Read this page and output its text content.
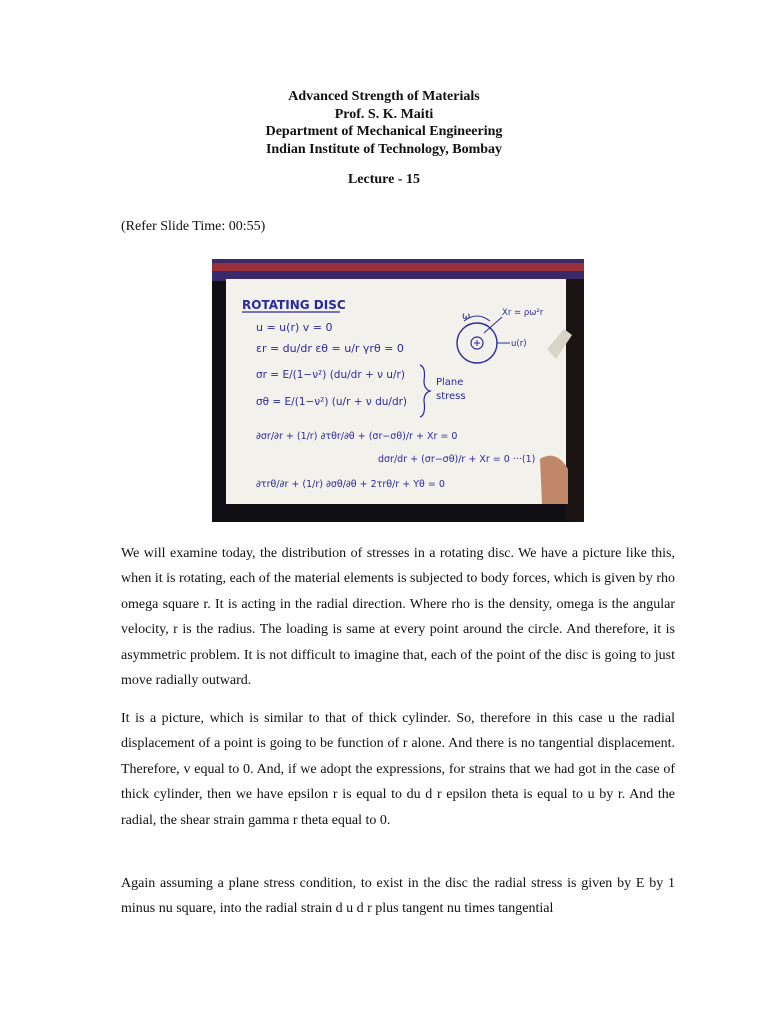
Advanced Strength of Materials
Prof. S. K. Maiti
Department of Mechanical Engineering
Indian Institute of Technology, Bombay
Lecture - 15
(Refer Slide Time: 00:55)
ROTATING DISC
u = u(r) v = 0
εr = du/dr εθ = u/r γrθ = 0
σr = E/(1−ν²) (du/dr + ν u/r)
σθ = E/(1−ν²) (u/r + ν du/dr)
Plane
stress
∂σr/∂r + (1/r) ∂τθr/∂θ + (σr−σθ)/r + Xr = 0
dσr/dr + (σr−σθ)/r + Xr = 0 ···(1)
∂τrθ/∂r + (1/r) ∂σθ/∂θ + 2τrθ/r + Yθ = 0
ω	Xr = ρω²r
u(r)

We will examine today, the distribution of stresses in a rotating disc. We have a picture like this, when it is rotating, each of the material elements is subjected to body forces, which is given by rho omega square r. It is acting in the radial direction. Where rho is the density, omega is the angular velocity, r is the radius. The loading is same at every point around the circle. And therefore, it is asymmetric problem. It is not difficult to imagine that, each of the point of the disc is going to just move radially outward.

It is a picture, which is similar to that of thick cylinder. So, therefore in this case u the radial displacement of a point is going to be function of r alone. And there is no tangential displacement. Therefore, v equal to 0. And, if we adopt the expressions, for strains that we had got in the case of thick cylinder, then we have epsilon r is equal to du d r epsilon theta is equal to u by r. And the radial, the shear strain gamma r theta equal to 0.

Again assuming a plane stress condition, to exist in the disc the radial stress is given by E by 1 minus nu square, into the radial strain d u d r plus tangent nu times tangential
